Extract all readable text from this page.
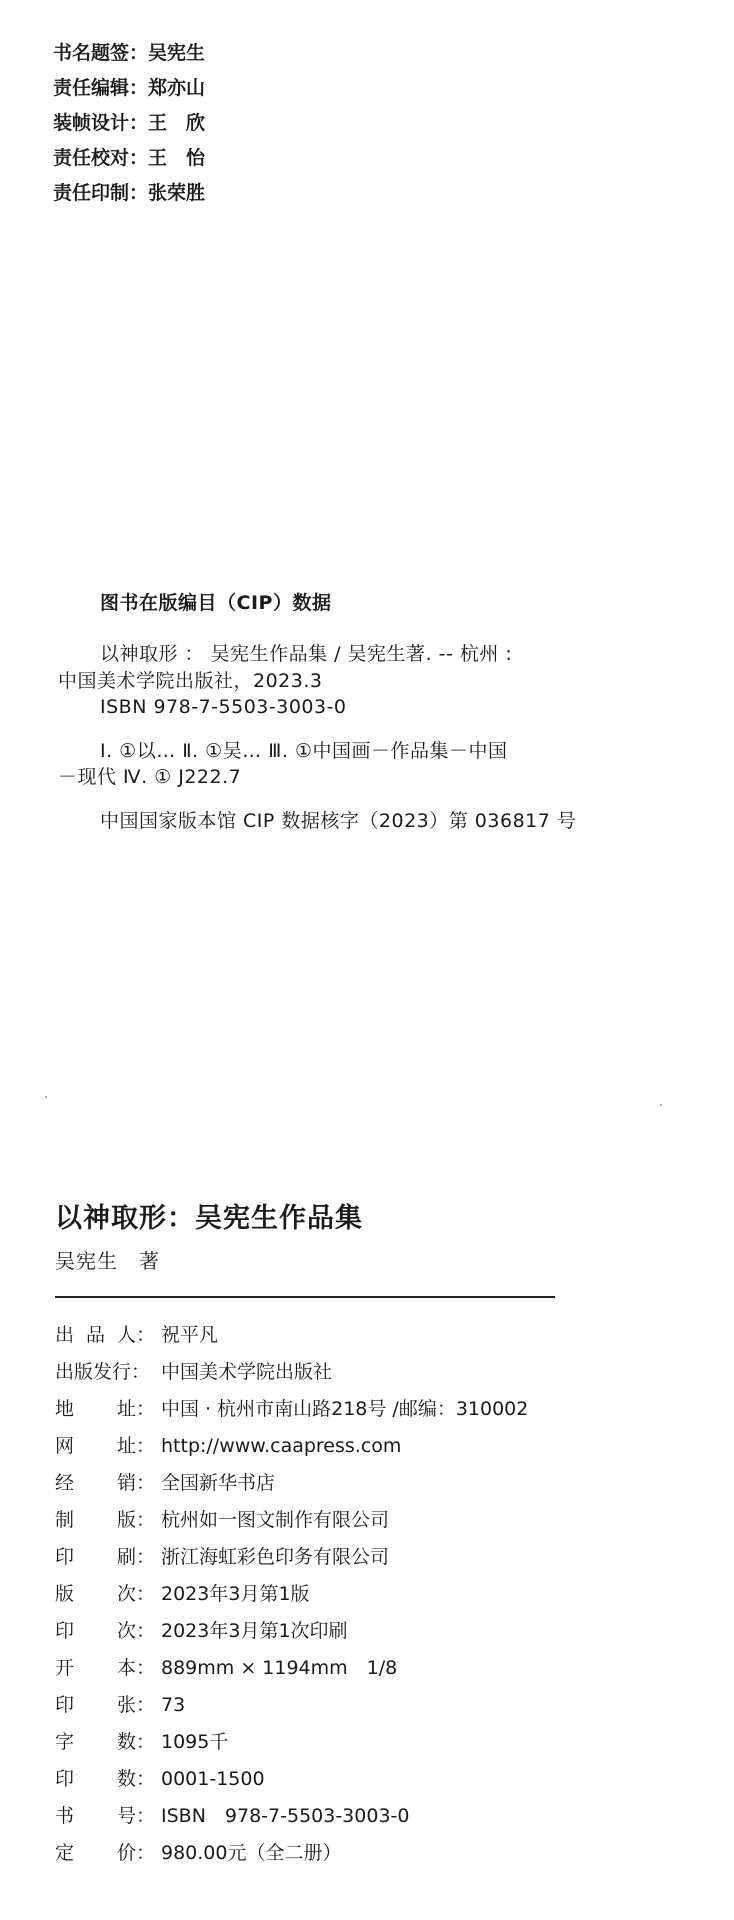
书名题签：吴宪生
责任编辑：郑亦山
装帧设计：王　欣
责任校对：王　怡
责任印制：张荣胜
图书在版编目（CIP）数据
以神取形 ： 吴宪生作品集 / 吴宪生著. -- 杭州 :
中国美术学院出版社，2023.3
ISBN 978-7-5503-3003-0
Ⅰ. ①以… Ⅱ. ①吴… Ⅲ. ①中国画－作品集－中国
－现代 Ⅳ. ① J222.7
中国国家版本馆 CIP 数据核字（2023）第 036817 号
以神取形：吴宪生作品集
吴宪生　著
出 品 人： 祝平凡
出版发行： 中国美术学院出版社
地 址： 中国 · 杭州市南山路218号 /邮编：310002
网 址： http://www.caapress.com
经 销： 全国新华书店
制 版： 杭州如一图文制作有限公司
印 刷： 浙江海虹彩色印务有限公司
版 次： 2023年3月第1版
印 次： 2023年3月第1次印刷
开 本： 889mm × 1194mm　1/8
印 张： 73
字 数： 1095千
印 数： 0001-1500
书 号： ISBN　978-7-5503-3003-0
定 价： 980.00元（全二册）
